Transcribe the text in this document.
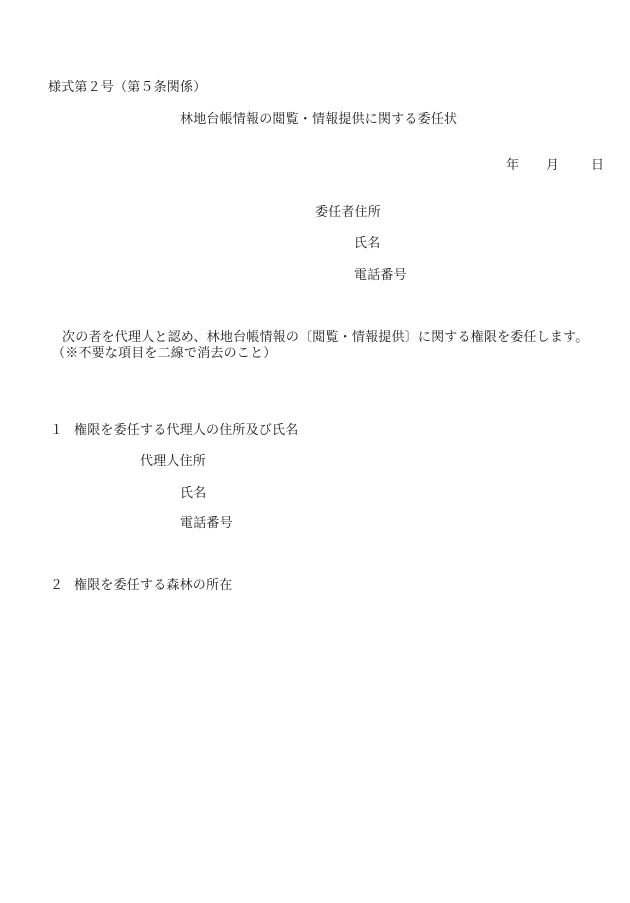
様式第２号（第５条関係）
林地台帳情報の閲覧・情報提供に関する委任状
年 月 日
委任者住所
氏名
電話番号
次の者を代理人と認め、林地台帳情報の〔閲覧・情報提供〕に関する権限を委任します。
（※不要な項目を二線で消去のこと）
１ 権限を委任する代理人の住所及び氏名
代理人住所
氏名
電話番号
２ 権限を委任する森林の所在
